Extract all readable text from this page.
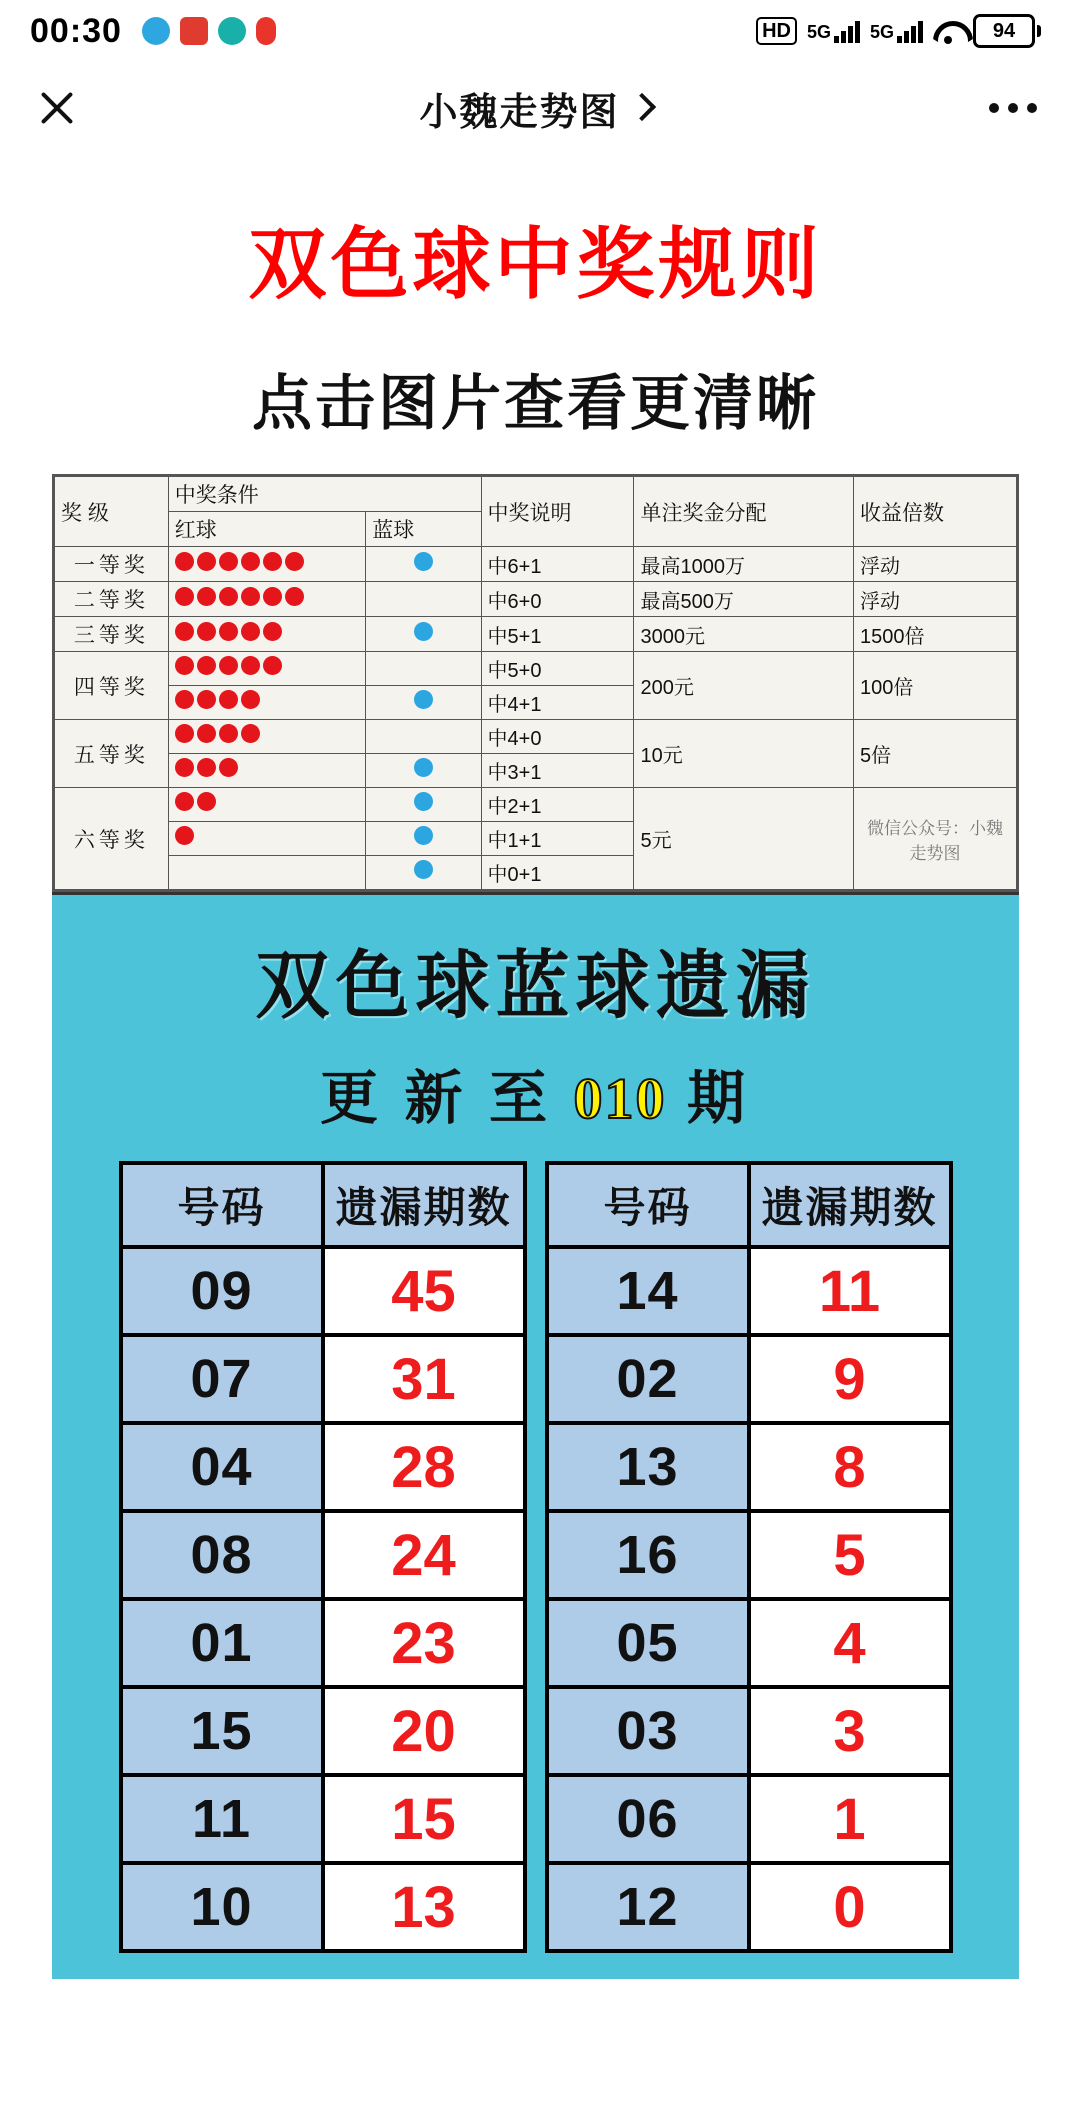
00:30	HD 5G 5G	94
小魏走势图
双色球中奖规则
点击图片查看更清晰
奖 级	中奖条件		中奖说明	单注奖金分配	收益倍数
	红球	蓝球			
一等奖			中6+1	最高1000万	浮动
二等奖			中6+0	最高500万	浮动
三等奖			中5+1	3000元	1500倍
四等奖			中5+0	200元	100倍
			中4+1		
五等奖			中4+0	10元	5倍
			中3+1		
六等奖			中2+1	5元	微信公众号：小魏走势图
			中1+1		
			中0+1		
双色球蓝球遗漏
更 新 至 010 期
号码	遗漏期数
09	45
07	31
04	28
08	24
01	23
15	20
11	15
10	13
号码	遗漏期数
14	11
02	9
13	8
16	5
05	4
03	3
06	1
12	0
